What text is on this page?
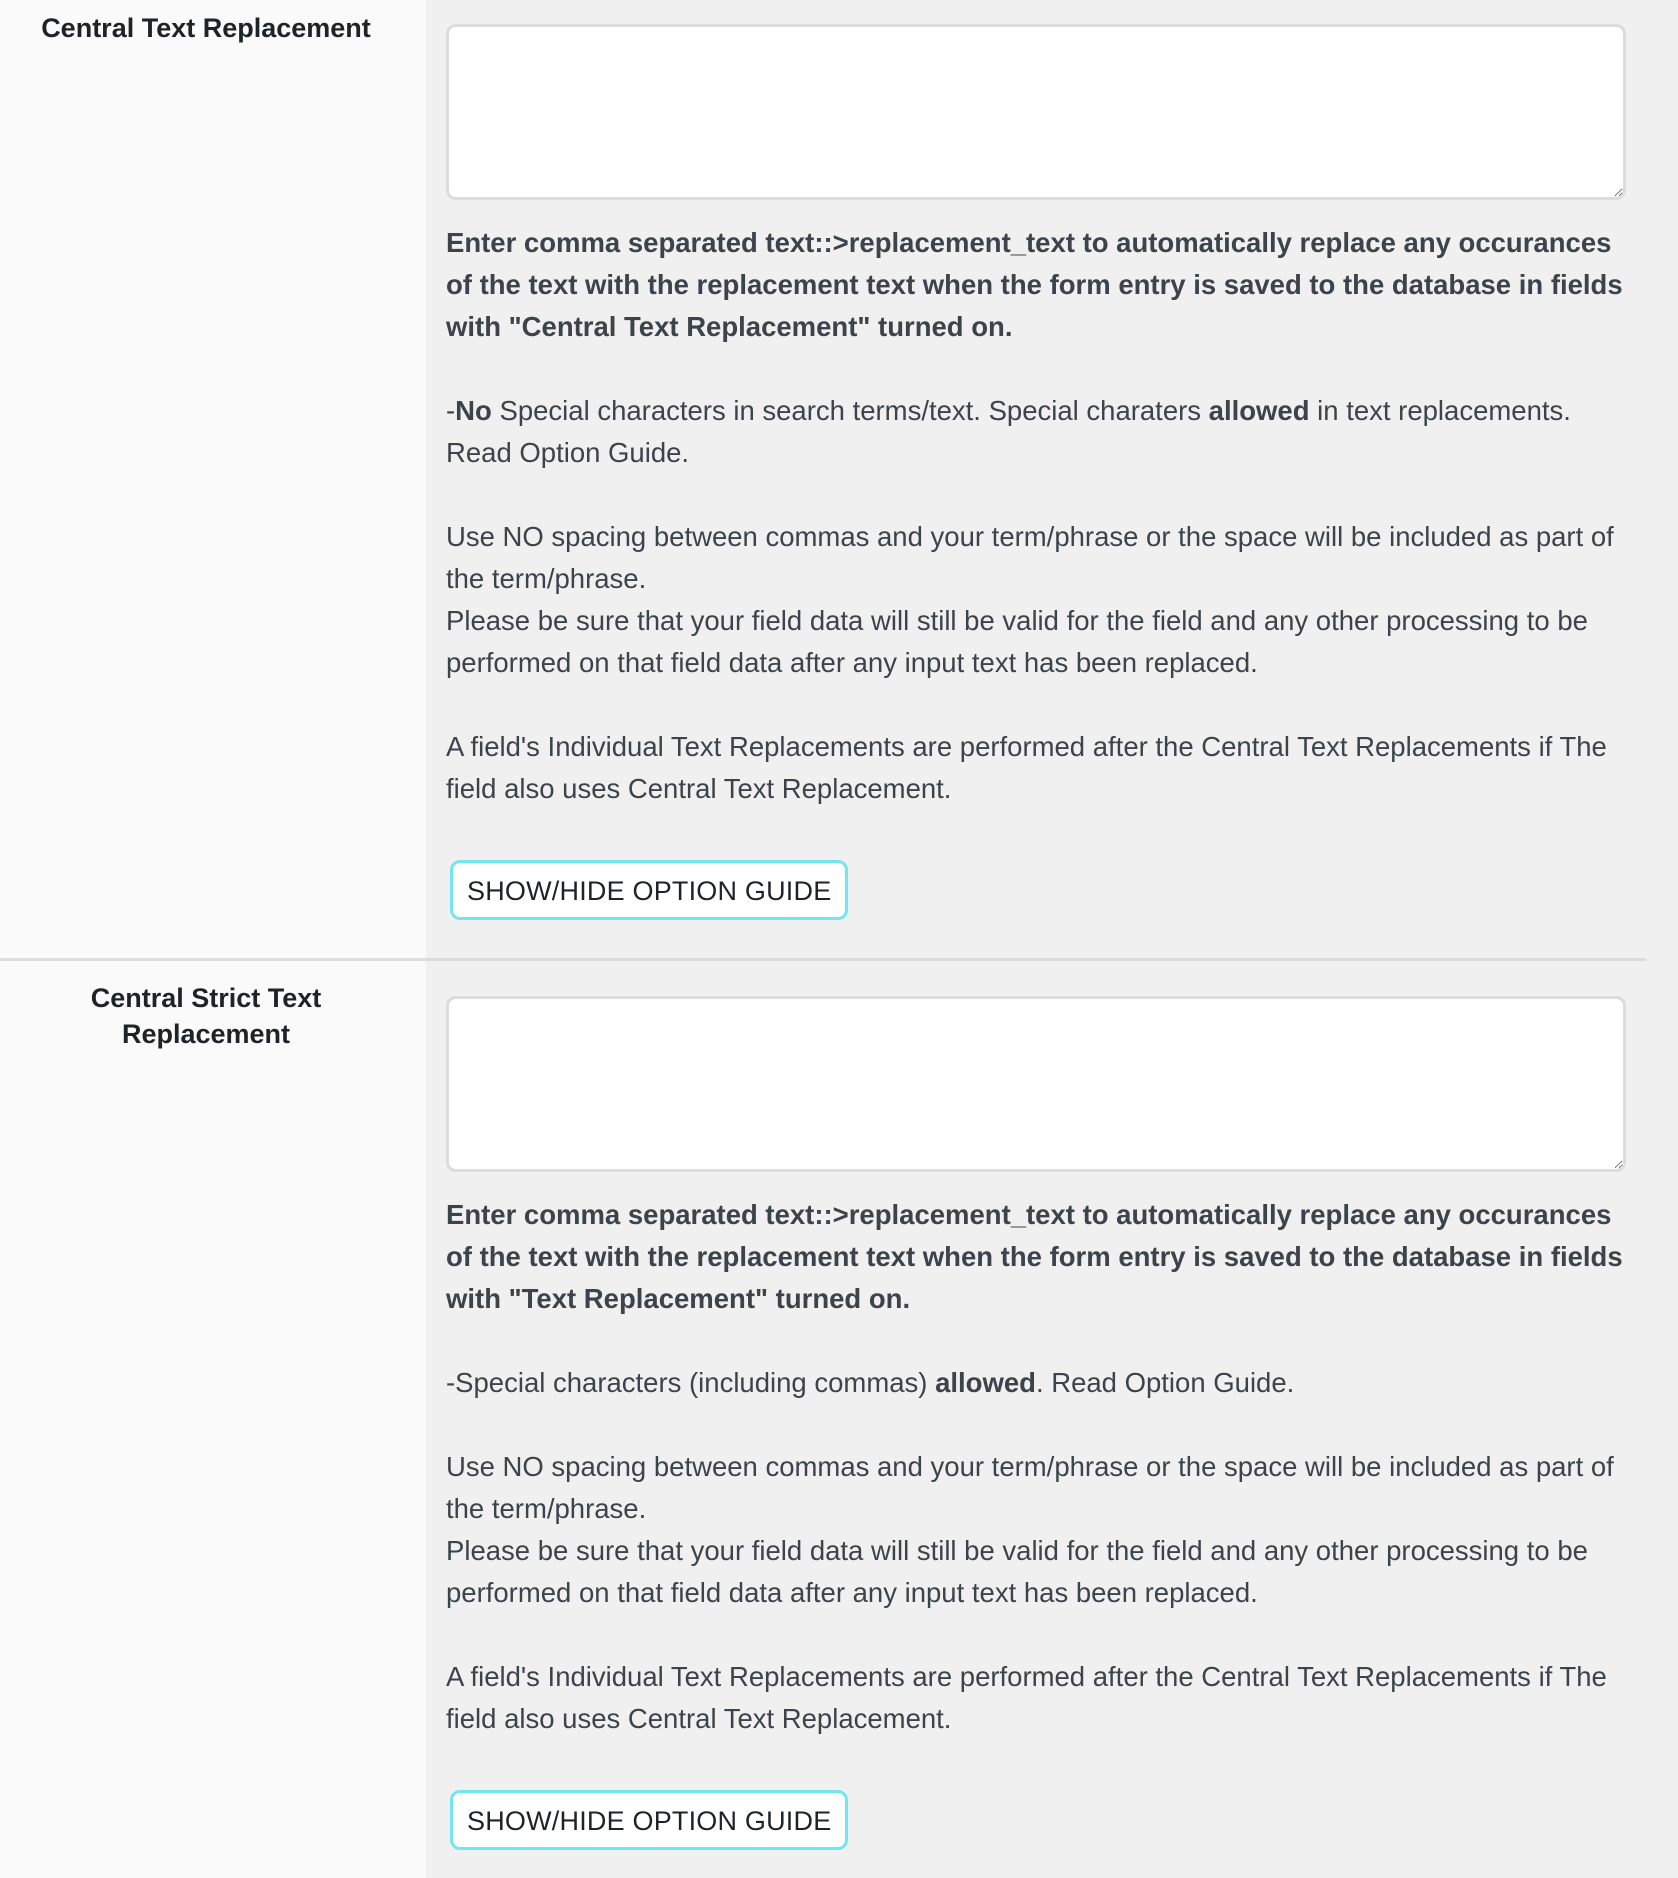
Central Text Replacement

Enter comma separated text::>replacement_text to automatically replace any occurances of the text with the replacement text when the form entry is saved to the database in fields with "Central Text Replacement" turned on.

-No Special characters in search terms/text. Special charaters allowed in text replacements. Read Option Guide.

Use NO spacing between commas and your term/phrase or the space will be included as part of the term/phrase.

Please be sure that your field data will still be valid for the field and any other processing to be performed on that field data after any input text has been replaced.

A field's Individual Text Replacements are performed after the Central Text Replacements if The field also uses Central Text Replacement.

SHOW/HIDE OPTION GUIDE
Central Strict Text Replacement

Enter comma separated text::>replacement_text to automatically replace any occurances of the text with the replacement text when the form entry is saved to the database in fields with "Text Replacement" turned on.

-Special characters (including commas) allowed. Read Option Guide.

Use NO spacing between commas and your term/phrase or the space will be included as part of the term/phrase.

Please be sure that your field data will still be valid for the field and any other processing to be performed on that field data after any input text has been replaced.

A field's Individual Text Replacements are performed after the Central Text Replacements if The field also uses Central Text Replacement.

SHOW/HIDE OPTION GUIDE
